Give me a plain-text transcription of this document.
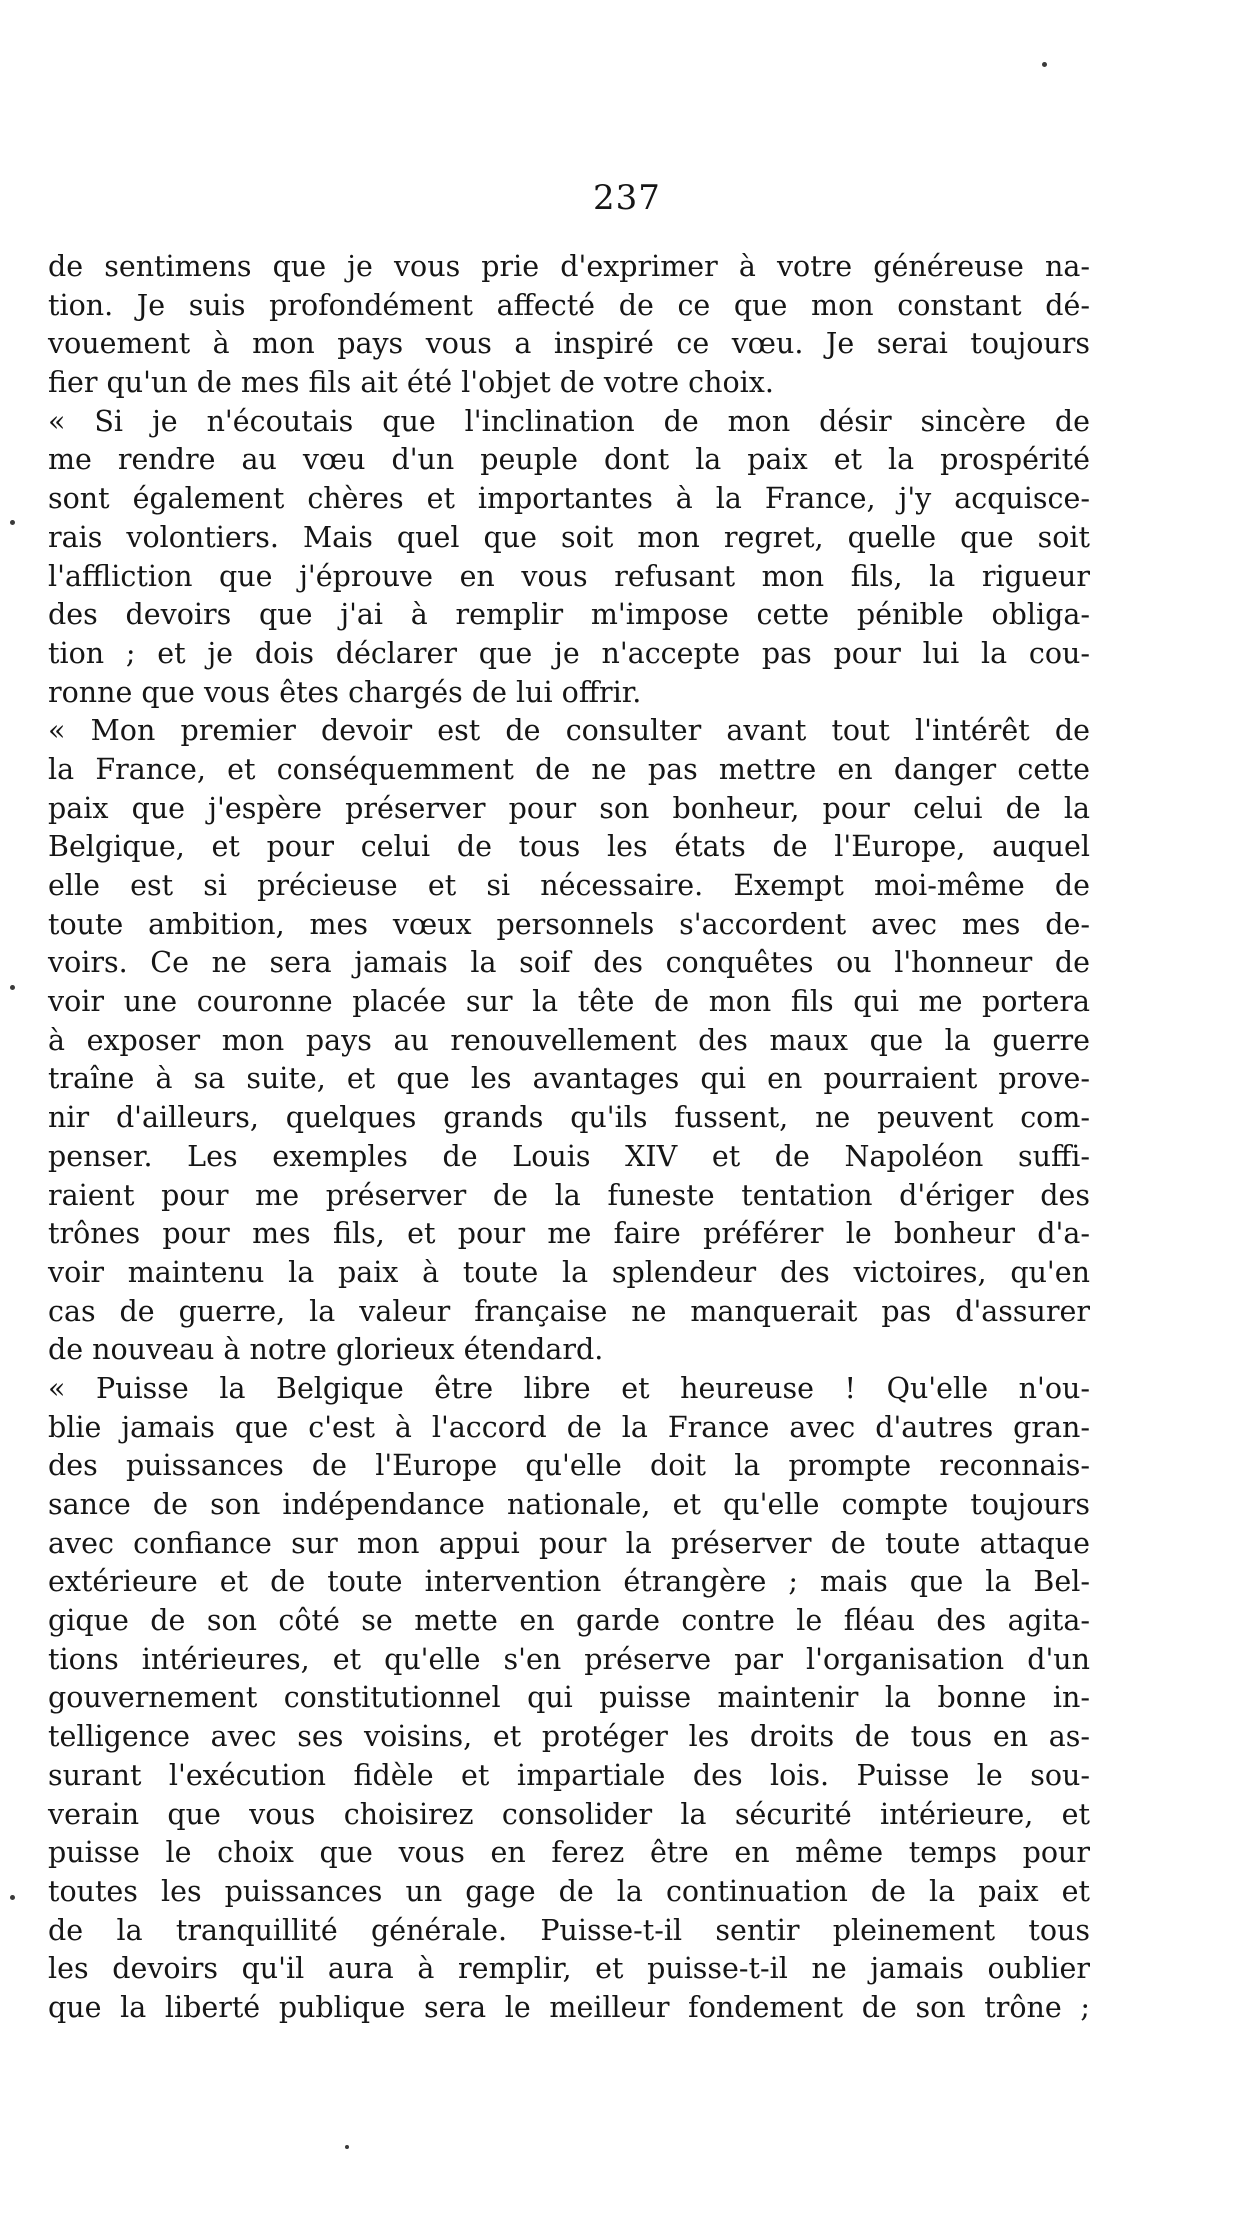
237
de sentimens que je vous prie d'exprimer à votre généreuse na-
tion. Je suis profondément affecté de ce que mon constant dé-
vouement à mon pays vous a inspiré ce vœu. Je serai toujours
fier qu'un de mes fils ait été l'objet de votre choix.
« Si je n'écoutais que l'inclination de mon désir sincère de
me rendre au vœu d'un peuple dont la paix et la prospérité
sont également chères et importantes à la France, j'y acquisce-
rais volontiers. Mais quel que soit mon regret, quelle que soit
l'affliction que j'éprouve en vous refusant mon fils, la rigueur
des devoirs que j'ai à remplir m'impose cette pénible obliga-
tion ; et je dois déclarer que je n'accepte pas pour lui la cou-
ronne que vous êtes chargés de lui offrir.
« Mon premier devoir est de consulter avant tout l'intérêt de
la France, et conséquemment de ne pas mettre en danger cette
paix que j'espère préserver pour son bonheur, pour celui de la
Belgique, et pour celui de tous les états de l'Europe, auquel
elle est si précieuse et si nécessaire. Exempt moi-même de
toute ambition, mes vœux personnels s'accordent avec mes de-
voirs. Ce ne sera jamais la soif des conquêtes ou l'honneur de
voir une couronne placée sur la tête de mon fils qui me portera
à exposer mon pays au renouvellement des maux que la guerre
traîne à sa suite, et que les avantages qui en pourraient prove-
nir d'ailleurs, quelques grands qu'ils fussent, ne peuvent com-
penser. Les exemples de Louis XIV et de Napoléon suffi-
raient pour me préserver de la funeste tentation d'ériger des
trônes pour mes fils, et pour me faire préférer le bonheur d'a-
voir maintenu la paix à toute la splendeur des victoires, qu'en
cas de guerre, la valeur française ne manquerait pas d'assurer
de nouveau à notre glorieux étendard.
« Puisse la Belgique être libre et heureuse ! Qu'elle n'ou-
blie jamais que c'est à l'accord de la France avec d'autres gran-
des puissances de l'Europe qu'elle doit la prompte reconnais-
sance de son indépendance nationale, et qu'elle compte toujours
avec confiance sur mon appui pour la préserver de toute attaque
extérieure et de toute intervention étrangère ; mais que la Bel-
gique de son côté se mette en garde contre le fléau des agita-
tions intérieures, et qu'elle s'en préserve par l'organisation d'un
gouvernement constitutionnel qui puisse maintenir la bonne in-
telligence avec ses voisins, et protéger les droits de tous en as-
surant l'exécution fidèle et impartiale des lois. Puisse le sou-
verain que vous choisirez consolider la sécurité intérieure, et
puisse le choix que vous en ferez être en même temps pour
toutes les puissances un gage de la continuation de la paix et
de la tranquillité générale. Puisse-t-il sentir pleinement tous
les devoirs qu'il aura à remplir, et puisse-t-il ne jamais oublier
que la liberté publique sera le meilleur fondement de son trône ;
